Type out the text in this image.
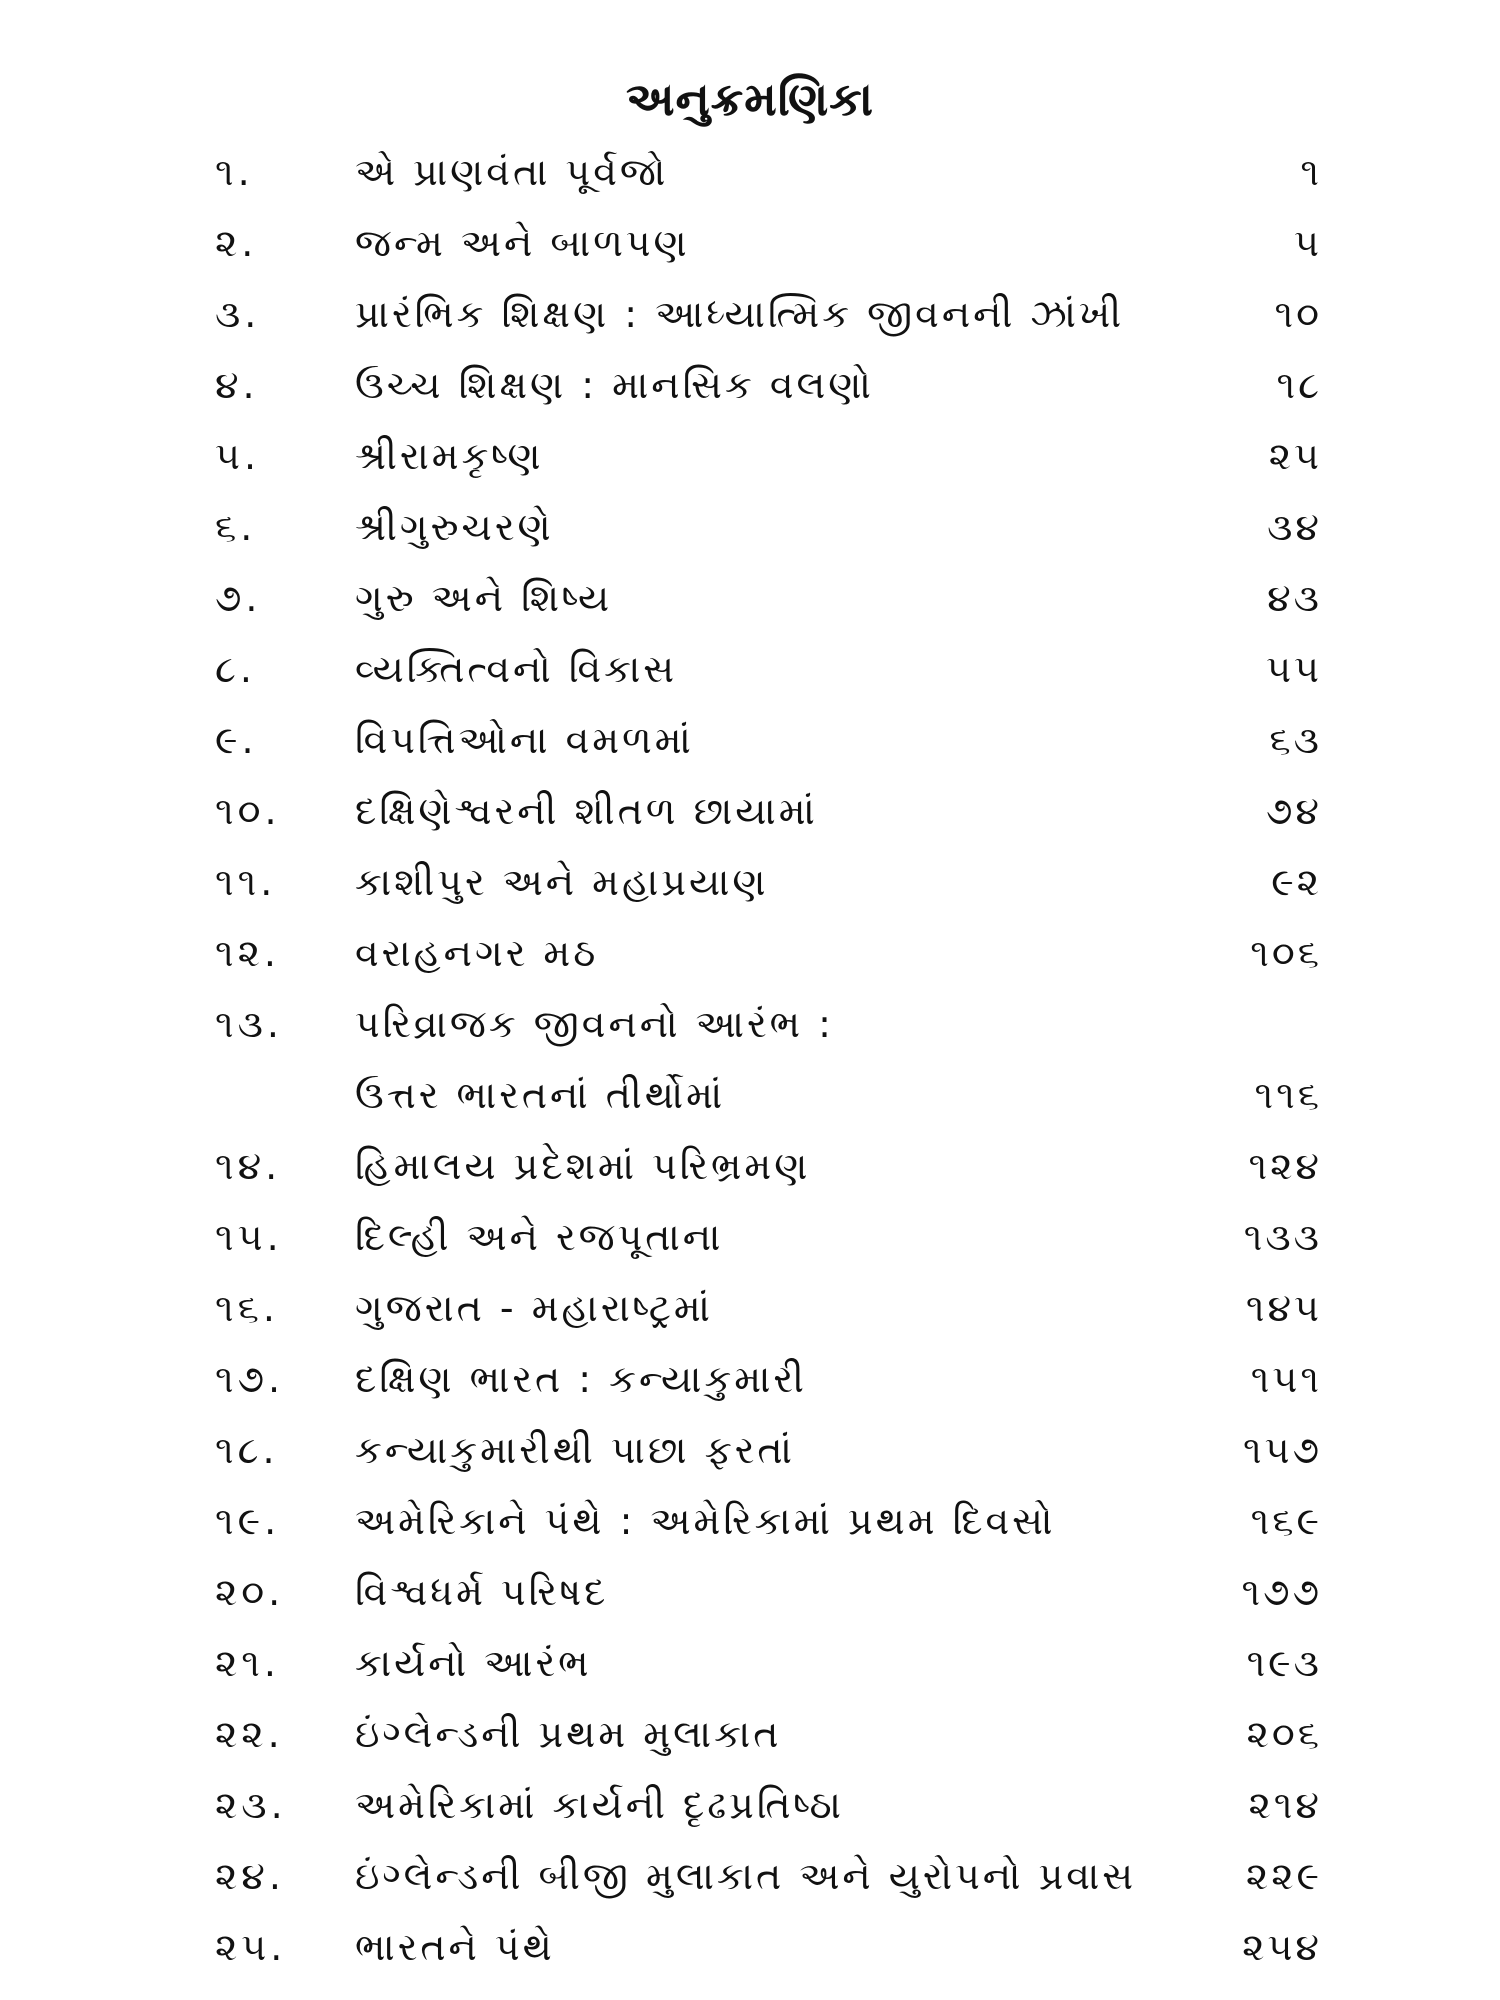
અનુક્રમણિકા
૧.	એ પ્રાણવંતા પૂર્વજો	૧
૨.	જન્મ અને બાળપણ	૫
૩. પ્રારંભિક શિક્ષણ : આધ્યાત્મિક જીવનની ઝાંખી	૧૦
૪.	ઉચ્ચ શિક્ષણ : માનસિક વલણો	૧૮
૫. શ્રીરામકૃષ્ણ	૨૫
૬.	શ્રીગુરુચરણે	૩૪
૭. ગુરુ અને શિષ્ય	૪૩
૮.	વ્યક્તિત્વનો વિકાસ	૫૫
૯.	વિપત્તિઓના વમળમાં	૬૩
૧૦. દક્ષિણેશ્વરની શીતળ છાયામાં	૭૪
૧૧. કાશીપુર અને મહાપ્રયાણ	૯૨
૧૨. વરાહનગર મઠ	૧૦૬
૧૩. પરિવ્રાજક જીવનનો આરંભ :
ઉત્તર ભારતનાં તીર્થોમાં	૧૧૬
૧૪. હિમાલય પ્રદેશમાં પરિભ્રમણ	૧૨૪
૧૫. દિલ્હી અને રજપૂતાના	૧૩૩
૧૬. ગુજરાત - મહારાષ્ટ્રમાં	૧૪૫
૧૭. દક્ષિણ ભારત : કન્યાકુમારી	૧૫૧
૧૮. કન્યાકુમારીથી પાછા ફરતાં	૧૫૭
૧૯. અમેરિકાને પંથે : અમેરિકામાં પ્રથમ દિવસો	૧૬૯
૨૦. વિશ્વધર્મ પરિષદ	૧૭૭
૨૧. કાર્યનો આરંભ	૧૯૩
૨૨. ઇંગ્લેન્ડની પ્રથમ મુલાકાત	૨૦૬
૨૩. અમેરિકામાં કાર્યની દૃઢપ્રતિષ્ઠા	૨૧૪
૨૪. ઇંગ્લેન્ડની બીજી મુલાકાત અને યુરોપનો પ્રવાસ	૨૨૯
૨૫. ભારતને પંથે	૨૫૪
